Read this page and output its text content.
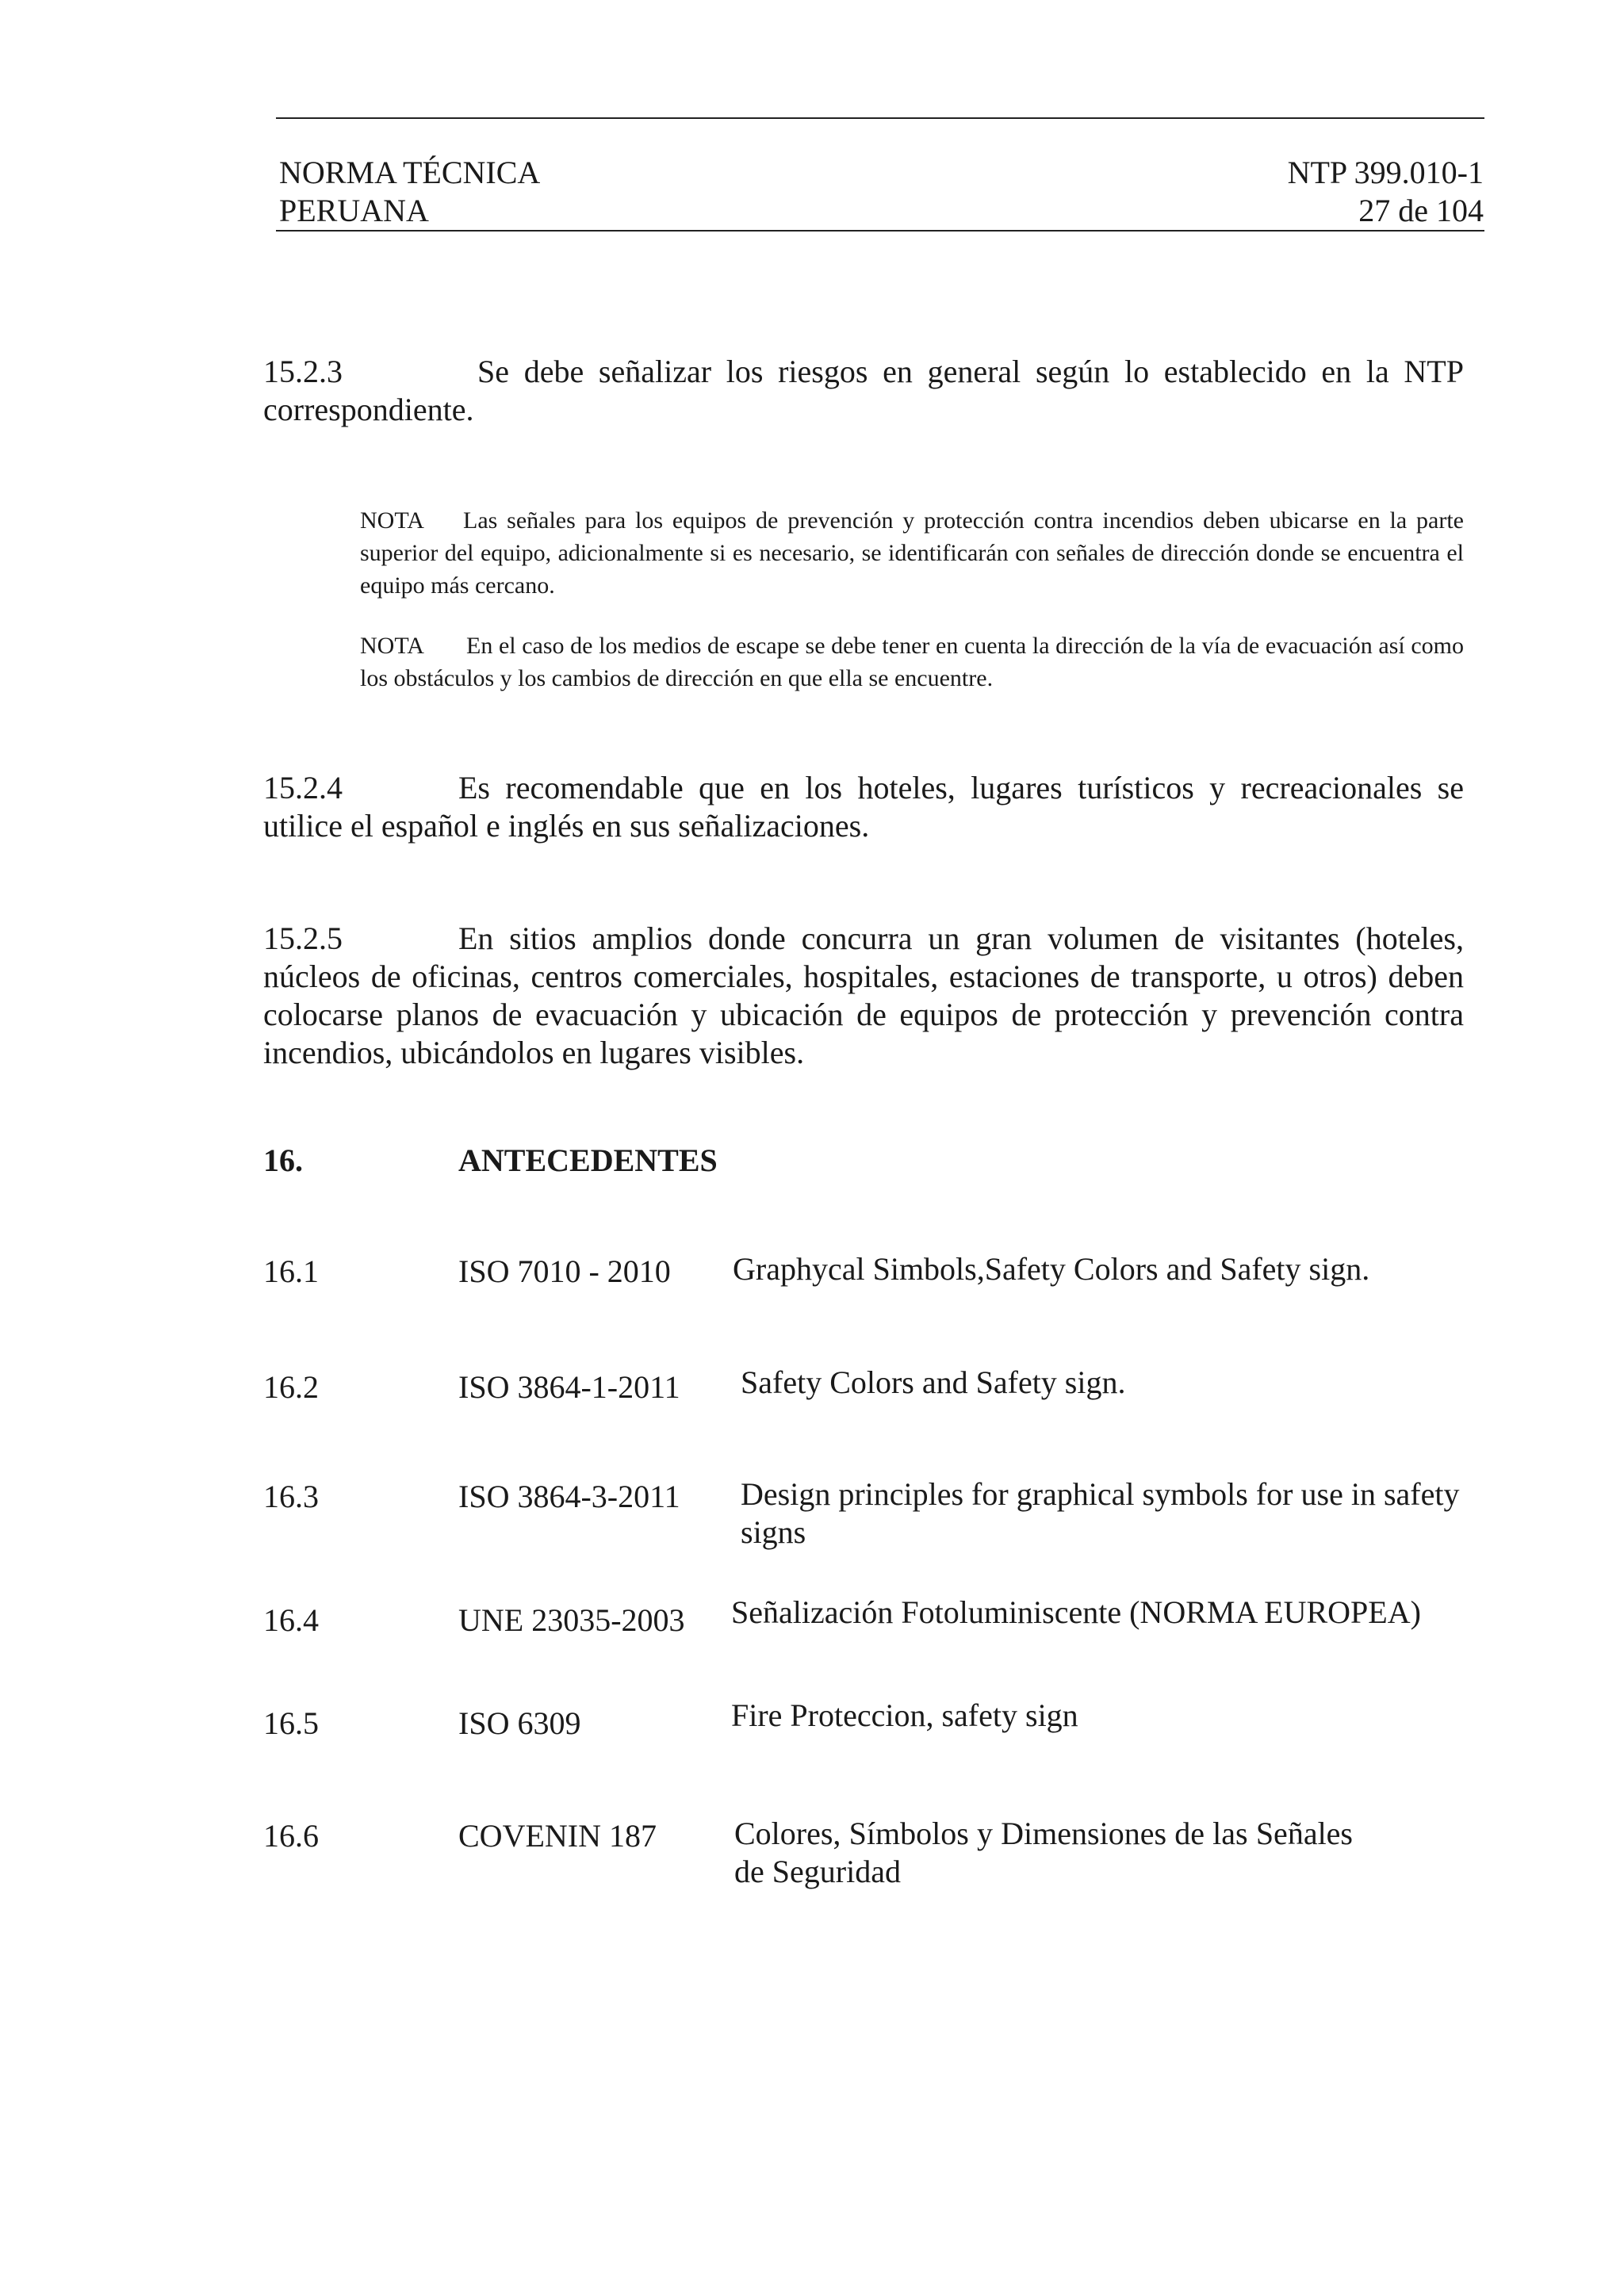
NORMA TÉCNICA
PERUANA
NTP 399.010-1
27 de 104
15.2.3	Se debe señalizar los riesgos en general según lo establecido en la NTP correspondiente.
NOTA Las señales para los equipos de prevención y protección contra incendios deben ubicarse en la parte superior del equipo, adicionalmente si es necesario, se identificarán con señales de dirección donde se encuentra el equipo más cercano.
NOTA En el caso de los medios de escape se debe tener en cuenta la dirección de la vía de evacuación así como los obstáculos y los cambios de dirección en que ella se encuentre.
15.2.4	Es recomendable que en los hoteles, lugares turísticos y recreacionales se utilice el español e inglés en sus señalizaciones.
15.2.5	En sitios amplios donde concurra un gran volumen de visitantes (hoteles, núcleos de oficinas, centros comerciales, hospitales, estaciones de transporte, u otros) deben colocarse planos de evacuación y ubicación de equipos de protección y prevención contra incendios, ubicándolos en lugares visibles.
16.	ANTECEDENTES
16.1	ISO 7010 - 2010 Graphycal Simbols,Safety Colors and Safety sign.
16.2	ISO 3864-1-2011 Safety Colors and Safety sign.
16.3	ISO 3864-3-2011 Design principles for graphical symbols for use in safety signs
16.4	UNE 23035-2003 Señalización Fotoluminiscente (NORMA EUROPEA)
16.5	ISO 6309	Fire Proteccion, safety sign
16.6	COVENIN 187 Colores, Símbolos y Dimensiones de las Señales de Seguridad
